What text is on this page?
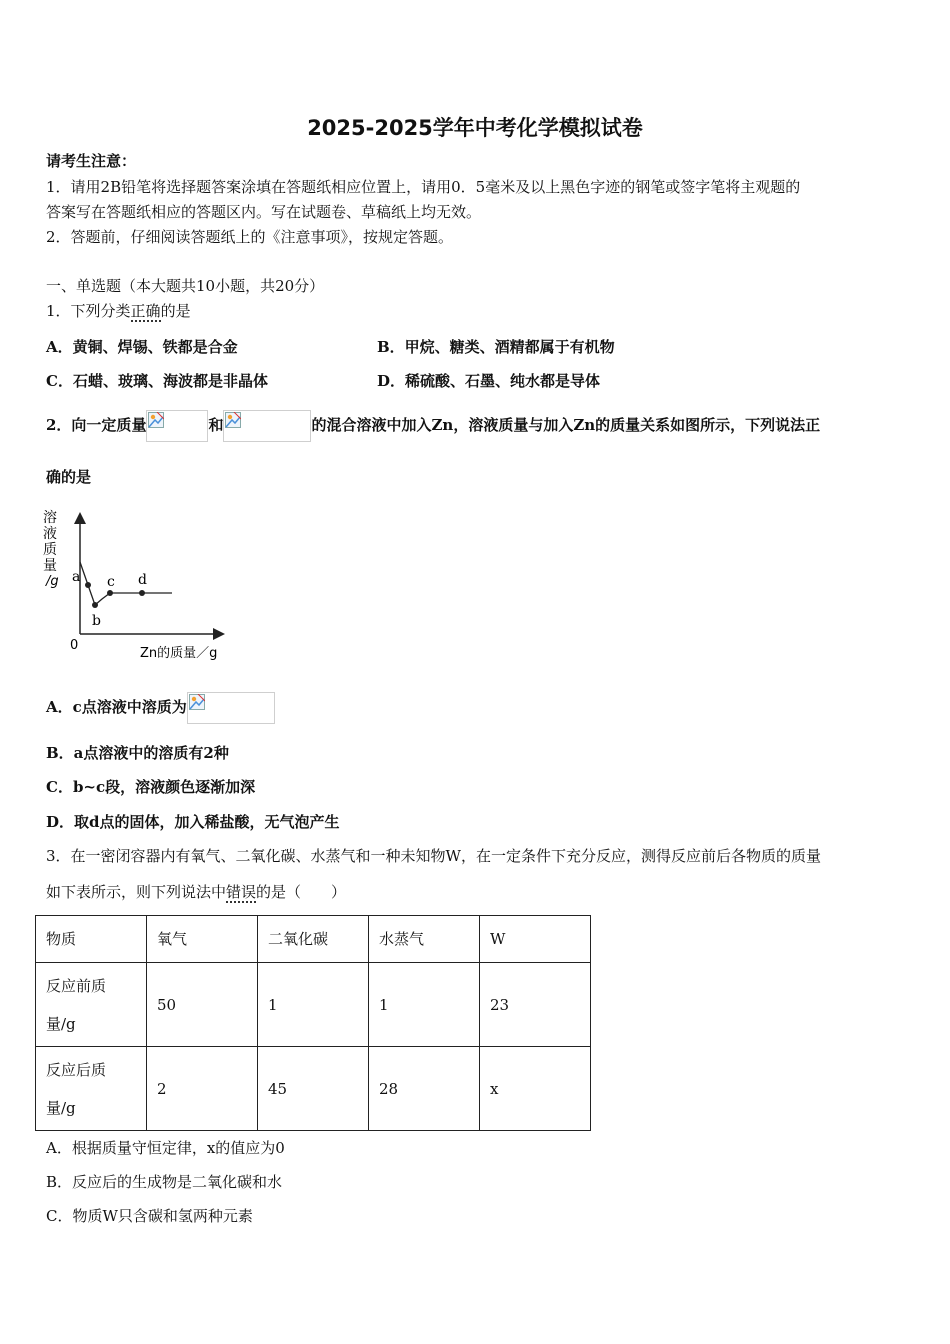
2025-2025学年中考化学模拟试卷
请考生注意：
1．请用2B铅笔将选择题答案涂填在答题纸相应位置上，请用0．5毫米及以上黑色字迹的钢笔或签字笔将主观题的
答案写在答题纸相应的答题区内。写在试题卷、草稿纸上均无效。
2．答题前，仔细阅读答题纸上的《注意事项》，按规定答题。
一、单选题（本大题共10小题，共20分）
1．下列分类正确的是
A．黄铜、焊锡、铁都是合金	B．甲烷、糖类、酒精都属于有机物
C．石蜡、玻璃、海波都是非晶体	D．稀硫酸、石墨、纯水都是导体
2．向一定质量	和	的混合溶液中加入Zn，溶液质量与加入Zn的质量关系如图所示，下列说法正
确的是
溶
液
质
量
/g
0
Zn的质量／g
a
b
c d
A．c点溶液中溶质为
B．a点溶液中的溶质有2种
C．b~c段，溶液颜色逐渐加深
D．取d点的固体，加入稀盐酸，无气泡产生
3．在一密闭容器内有氧气、二氧化碳、水蒸气和一种未知物W，在一定条件下充分反应，测得反应前后各物质的质量
如下表所示，则下列说法中错误的是（　　）
物质	氧气	二氧化碳	水蒸气	W
反应前质
量/g	50	1	1	23
反应后质
量/g	2	45	28	x
A．根据质量守恒定律，x的值应为0
B．反应后的生成物是二氧化碳和水
C．物质W只含碳和氢两种元素
